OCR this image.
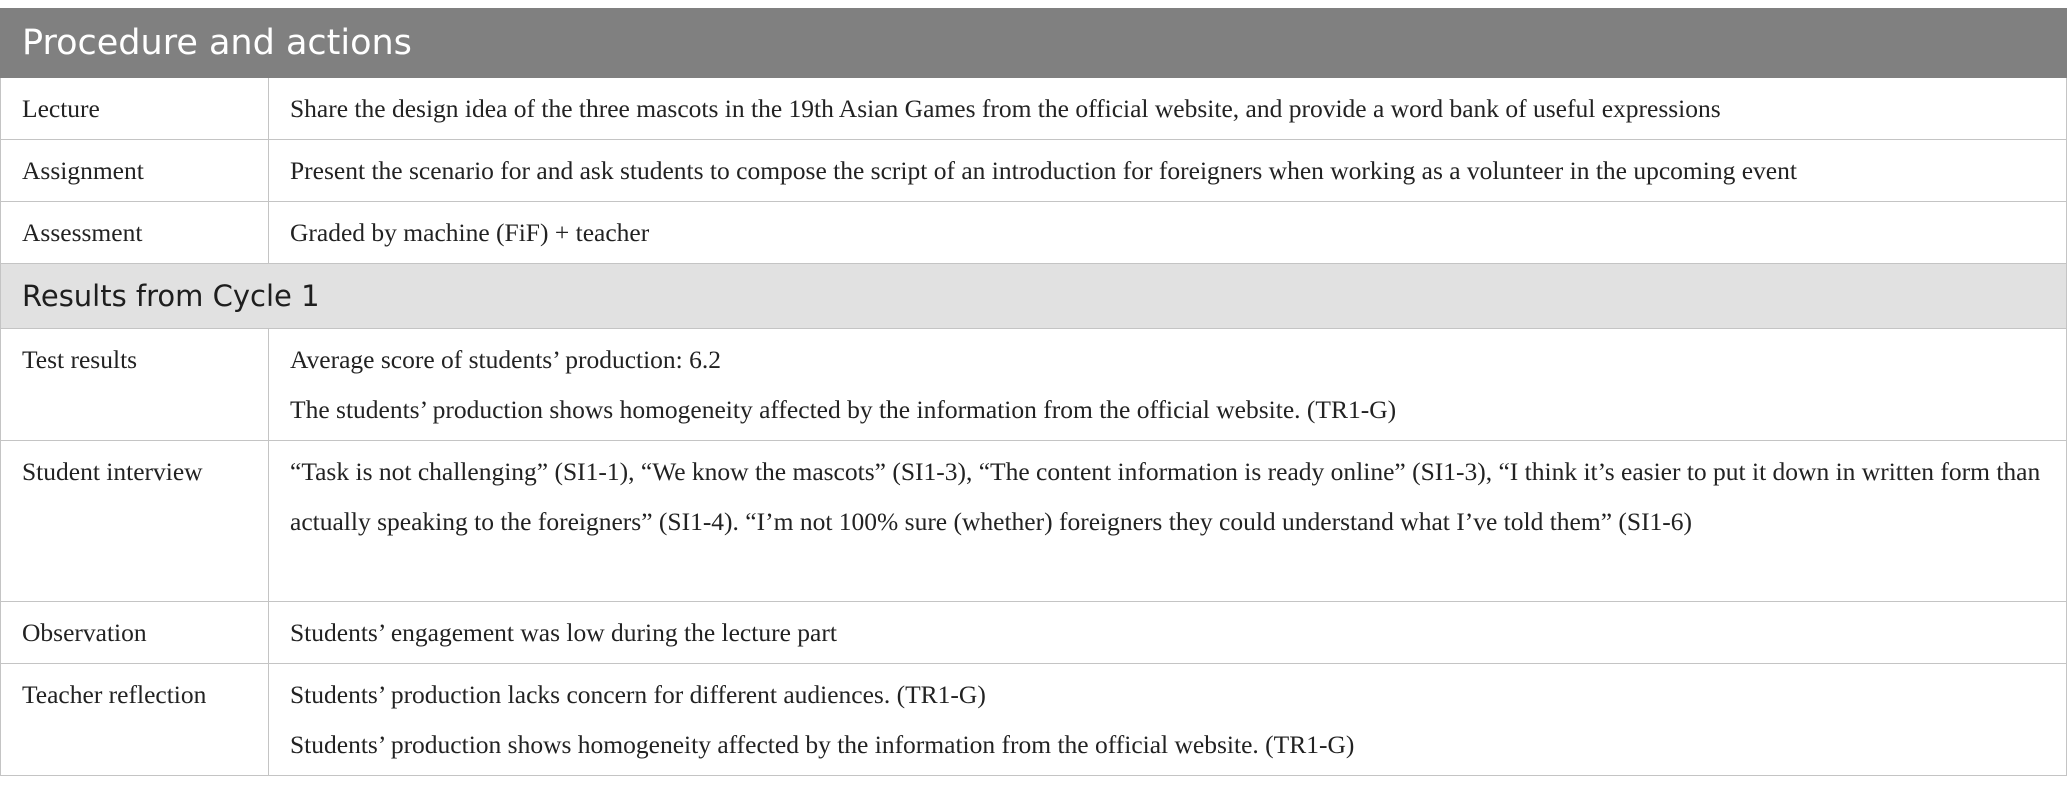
Procedure and actions	
Lecture	Share the design idea of the three mascots in the 19th Asian Games from the official website, and provide a word bank of useful expressions

Assignment	Present the scenario for and ask students to compose the script of an introduction for foreigners when working as a volunteer in the upcoming event

Assessment	Graded by machine (FiF) + teacher

Results from Cycle 1	
Test results	Average score of students’ production: 6.2
The students’ production shows homogeneity affected by the information from the official website. (TR1-G)

Student interview	“Task is not challenging” (SI1-1), “We know the mascots” (SI1-3), “The content information is ready online” (SI1-3), “I think it’s easier to put it down in written form than actually speaking to the foreigners” (SI1-4). “I’m not 100% sure (whether) foreigners they could understand what I’ve told them” (SI1-6)
Observation	Students’ engagement was low during the lecture part

Teacher reflection	Students’ production lacks concern for different audiences. (TR1-G)
Students’ production shows homogeneity affected by the information from the official website. (TR1-G)
